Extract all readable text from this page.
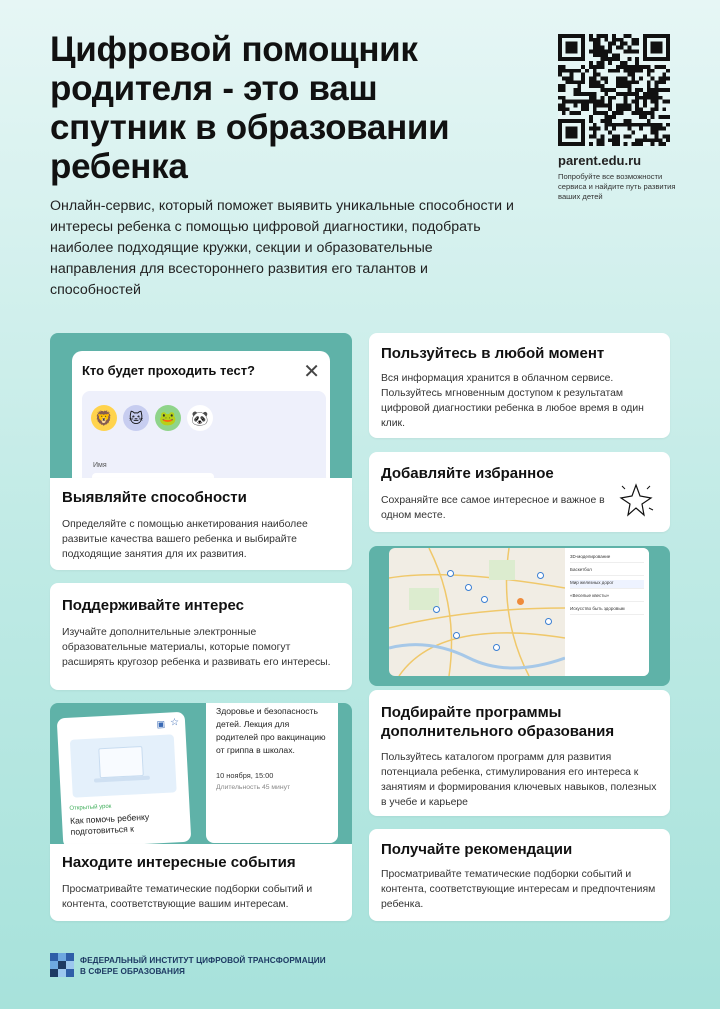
Цифровой помощник родителя - это ваш спутник в образовании ребенка

Онлайн-сервис, который поможет выявить уникальные способности и интересы ребенка с помощью цифровой диагностики, подобрать наиболее подходящие кружки, секции и образовательные направления для всестороннего развития его талантов и способностей

parent.edu.ru
Попробуйте все возможности сервиса и найдите путь развития ваших детей
Кто будет проходить тест? ✕
🦁	🐱	🐸	🐼
Имя
Выявляйте способности

Определяйте с помощью анкетирования наиболее развитые качества вашего ребенка и выбирайте подходящие занятия для их развития.

Поддерживайте интерес

Изучайте дополнительные электронные образовательные материалы, которые помогут расширять кругозор ребенка и развивать его интересы.

▣ ☆
Открытый урок
Как помочь ребенку подготовиться к
Здоровье и безопасность детей. Лекция для родителей про вакцинацию от гриппа в школах.
10 ноября, 15:00
Длительность 45 минут
Находите интересные события

Просматривайте тематические подборки событий и контента, соответствующие вашим интересам.

Пользуйтесь в любой момент

Вся информация хранится в облачном сервисе. Пользуйтесь мгновенным доступом к результатам цифровой диагностики ребенка в любое время в один клик.

Добавляйте избранное

Сохраняйте все самое интересное и важное в одном месте.

3D-моделирование
Баскетбол
Мир железных дорог
«Веселые квесты»
Искусство быть здоровым
Подбирайте программы дополнительного образования

Пользуйтесь каталогом программ для развития потенциала ребенка, стимулирования его интереса к занятиям и формирования ключевых навыков, полезных в учебе и карьере

Получайте рекомендации

Просматривайте тематические подборки событий и контента, соответствующие интересам и предпочтениям ребенка.

ФЕДЕРАЛЬНЫЙ ИНСТИТУТ ЦИФРОВОЙ ТРАНСФОРМАЦИИ
В СФЕРЕ ОБРАЗОВАНИЯ
